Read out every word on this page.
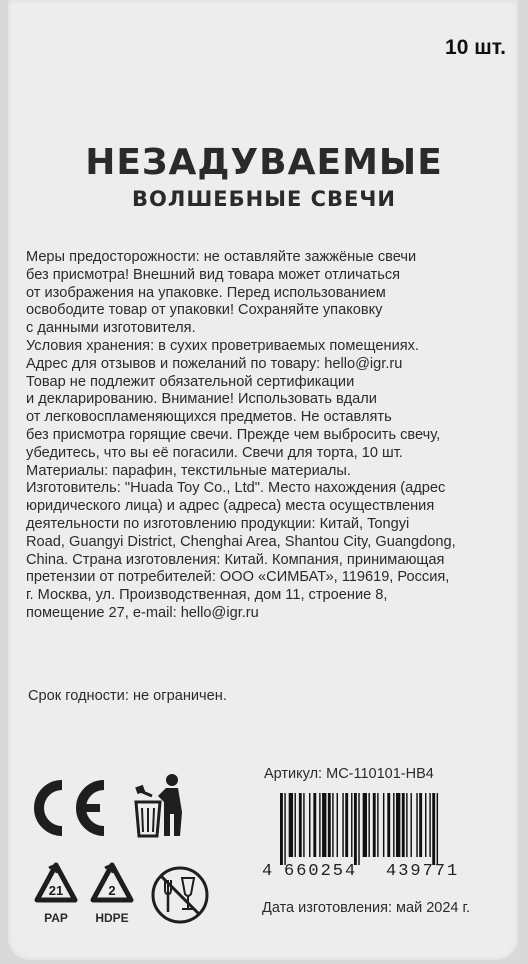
10 шт.
НЕЗАДУВАЕМЫЕ
ВОЛШЕБНЫЕ СВЕЧИ
Меры предосторожности: не оставляйте зажжёные свечи
без присмотра! Внешний вид товара может отличаться
от изображения на упаковке. Перед использованием
освободите товар от упаковки! Сохраняйте упаковку
с данными изготовителя.
Условия хранения: в сухих проветриваемых помещениях.
Адрес для отзывов и пожеланий по товару: hello@igr.ru
Товар не подлежит обязательной сертификации
и декларированию. Внимание! Использовать вдали
от легковоспламеняющихся предметов. Не оставлять
без присмотра горящие свечи. Прежде чем выбросить свечу,
убедитесь, что вы её погасили. Свечи для торта, 10 шт.
Материалы: парафин, текстильные материалы.
Изготовитель: "Huada Toy Co., Ltd". Место нахождения (адрес
юридического лица) и адрес (адреса) места осуществления
деятельности по изготовлению продукции: Китай, Tongyi
Road, Guangyi District, Chenghai Area, Shantou City, Guangdong,
China. Страна изготовления: Китай. Компания, принимающая
претензии от потребителей: ООО «СИМБАТ», 119619, Россия,
г. Москва, ул. Производственная, дом 11, строение 8,
помещение 27, e-mail: hello@igr.ru
Срок годности: не ограничен.
Артикул: MC-110101-HB4
4 660254 439771
Дата изготовления: май 2024 г.
21
PAP
2
HDPE
